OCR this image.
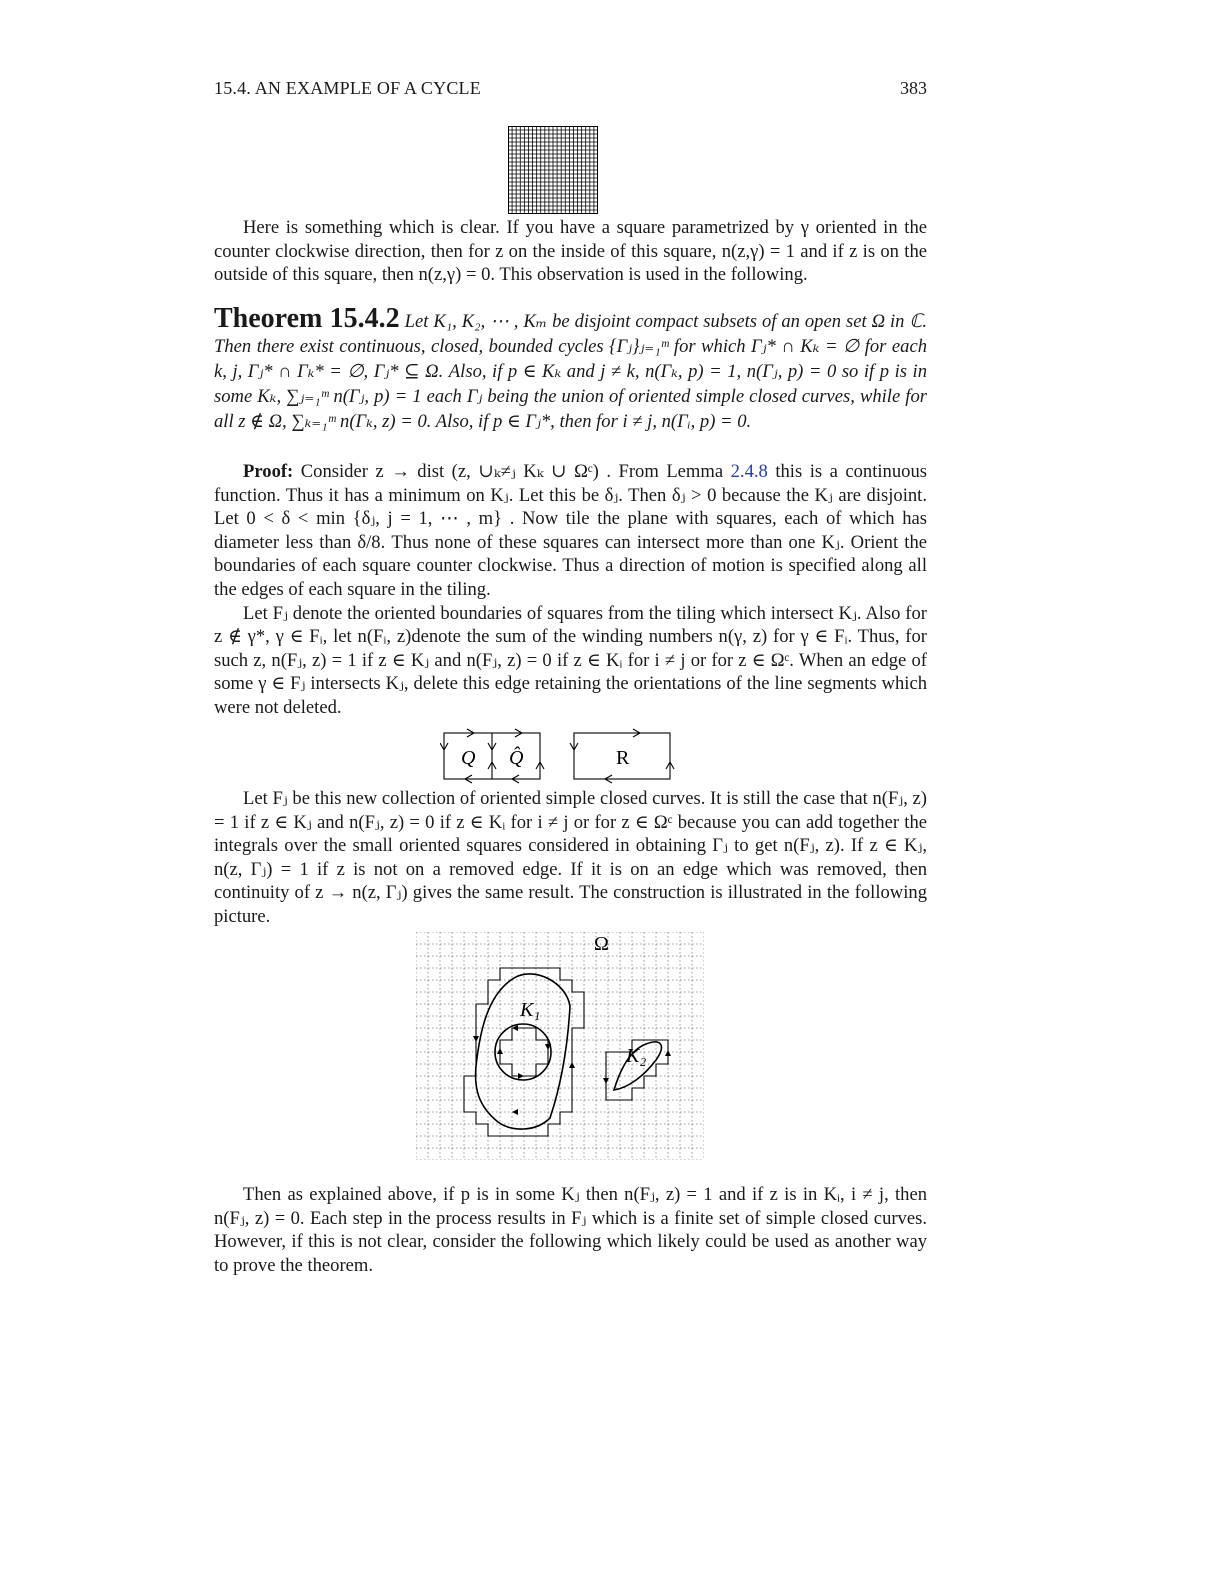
15.4. AN EXAMPLE OF A CYCLE	383

Here is something which is clear. If you have a square parametrized by γ oriented in the counter clockwise direction, then for z on the inside of this square, n(z,γ) = 1 and if z is on the outside of this square, then n(z,γ) = 0. This observation is used in the following.

Theorem 15.4.2 Let K₁, K₂, ⋯ , Kₘ be disjoint compact subsets of an open set Ω in ℂ. Then there exist continuous, closed, bounded cycles {Γⱼ}ⱼ₌₁ᵐ for which Γⱼ* ∩ Kₖ = ∅ for each k, j, Γⱼ* ∩ Γₖ* = ∅, Γⱼ* ⊆ Ω. Also, if p ∈ Kₖ and j ≠ k, n(Γₖ, p) = 1, n(Γⱼ, p) = 0 so if p is in some Kₖ, ∑ⱼ₌₁ᵐ n(Γⱼ, p) = 1 each Γⱼ being the union of oriented simple closed curves, while for all z ∉ Ω, ∑ₖ₌₁ᵐ n(Γₖ, z) = 0. Also, if p ∈ Γⱼ*, then for i ≠ j, n(Γᵢ, p) = 0.

Proof: Consider z → dist (z, ∪ₖ≠ⱼ Kₖ ∪ Ωᶜ) . From Lemma 2.4.8 this is a continuous function. Thus it has a minimum on Kⱼ. Let this be δⱼ. Then δⱼ > 0 because the Kⱼ are disjoint. Let 0 < δ < min {δⱼ, j = 1, ⋯ , m} . Now tile the plane with squares, each of which has diameter less than δ/8. Thus none of these squares can intersect more than one Kⱼ. Orient the boundaries of each square counter clockwise. Thus a direction of motion is specified along all the edges of each square in the tiling.

Let Fⱼ denote the oriented boundaries of squares from the tiling which intersect Kⱼ. Also for z ∉ γ*, γ ∈ Fᵢ, let n(Fᵢ, z)denote the sum of the winding numbers n(γ, z) for γ ∈ Fᵢ. Thus, for such z, n(Fⱼ, z) = 1 if z ∈ Kⱼ and n(Fⱼ, z) = 0 if z ∈ Kᵢ for i ≠ j or for z ∈ Ωᶜ. When an edge of some γ ∈ Fⱼ intersects Kⱼ, delete this edge retaining the orientations of the line segments which were not deleted.

Q Q̂	R

Let Fⱼ be this new collection of oriented simple closed curves. It is still the case that n(Fⱼ, z) = 1 if z ∈ Kⱼ and n(Fⱼ, z) = 0 if z ∈ Kᵢ for i ≠ j or for z ∈ Ωᶜ because you can add together the integrals over the small oriented squares considered in obtaining Γⱼ to get n(Fⱼ, z). If z ∈ Kⱼ, n(z, Γⱼ) = 1 if z is not on a removed edge. If it is on an edge which was removed, then continuity of z → n(z, Γⱼ) gives the same result. The construction is illustrated in the following picture.

Ω
K₁
K₂

Then as explained above, if p is in some Kⱼ then n(Fⱼ, z) = 1 and if z is in Kᵢ, i ≠ j, then n(Fⱼ, z) = 0. Each step in the process results in Fⱼ which is a finite set of simple closed curves. However, if this is not clear, consider the following which likely could be used as another way to prove the theorem.
